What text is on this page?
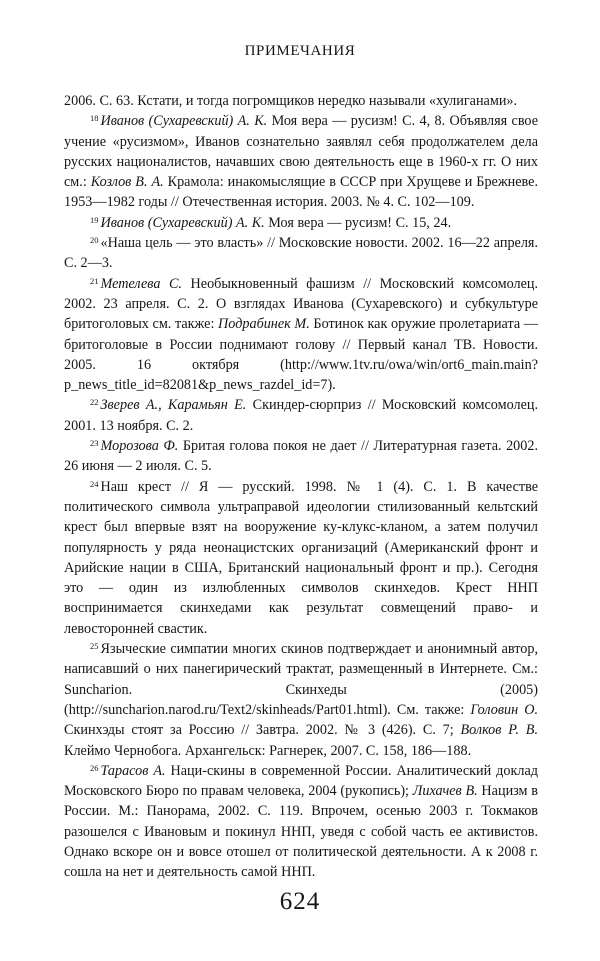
ПРИМЕЧАНИЯ

2006. С. 63. Кстати, и тогда погромщиков нередко называли «хулиганами».

$^{18}$ Иванов (Сухаревский) А. К. Моя вера — русизм! С. 4, 8. Объявляя свое учение «русизмом», Иванов сознательно заявлял себя продолжателем дела русских националистов, начавших свою деятельность еще в 1960-х гг. О них см.: Козлов В. А. Крамола: инакомыслящие в СССР при Хрущеве и Брежневе. 1953—1982 годы // Отечественная история. 2003. № 4. С. 102—109.

$^{19}$ Иванов (Сухаревский) А. К. Моя вера — русизм! С. 15, 24.

$^{20}$ «Наша цель — это власть» // Московские новости. 2002. 16—22 апреля. С. 2—3.

$^{21}$ Метелева С. Необыкновенный фашизм // Московский комсомолец. 2002. 23 апреля. С. 2. О взглядах Иванова (Сухаревского) и субкультуре бритоголовых см. также: Подрабинек М. Ботинок как оружие пролетариата — бритоголовые в России поднимают голову // Первый канал ТВ. Новости. 2005. 16 октября (http://www.1tv.ru/owa/win/ort6_main.main?p_news_title_id=82081&p_news_razdel_id=7).

$^{22}$ Зверев А., Карамьян Е. Скиндер-сюрприз // Московский комсомолец. 2001. 13 ноября. С. 2.

$^{23}$ Морозова Ф. Бритая голова покоя не дает // Литературная газета. 2002. 26 июня — 2 июля. С. 5.

$^{24}$ Наш крест // Я — русский. 1998. № 1 (4). С. 1. В качестве политического символа ультраправой идеологии стилизованный кельтский крест был впервые взят на вооружение ку-клукс-кланом, а затем получил популярность у ряда неонацистских организаций (Американский фронт и Арийские нации в США, Британский национальный фронт и пр.). Сегодня это — один из излюбленных символов скинхедов. Крест ННП воспринимается скинхедами как результат совмещений право- и левосторонней свастик.

$^{25}$ Языческие симпатии многих скинов подтверждает и анонимный автор, написавший о них панегирический трактат, размещенный в Интернете. См.: Suncharion. Скинхеды (2005) (http://suncharion.narod.ru/Text2/skinheads/Part01.html). См. также: Головин О. Скинхэды стоят за Россию // Завтра. 2002. № 3 (426). С. 7; Волков Р. В. Клеймо Чернобога. Архангельск: Рагнерек, 2007. С. 158, 186—188.

$^{26}$ Тарасов А. Наци-скины в современной России. Аналитический доклад Московского Бюро по правам человека, 2004 (рукопись); Лихачев В. Нацизм в России. М.: Панорама, 2002. С. 119. Впрочем, осенью 2003 г. Токмаков разошелся с Ивановым и покинул ННП, уведя с собой часть ее активистов. Однако вскоре он и вовсе отошел от политической деятельности. А к 2008 г. сошла на нет и деятельность самой ННП.

624
